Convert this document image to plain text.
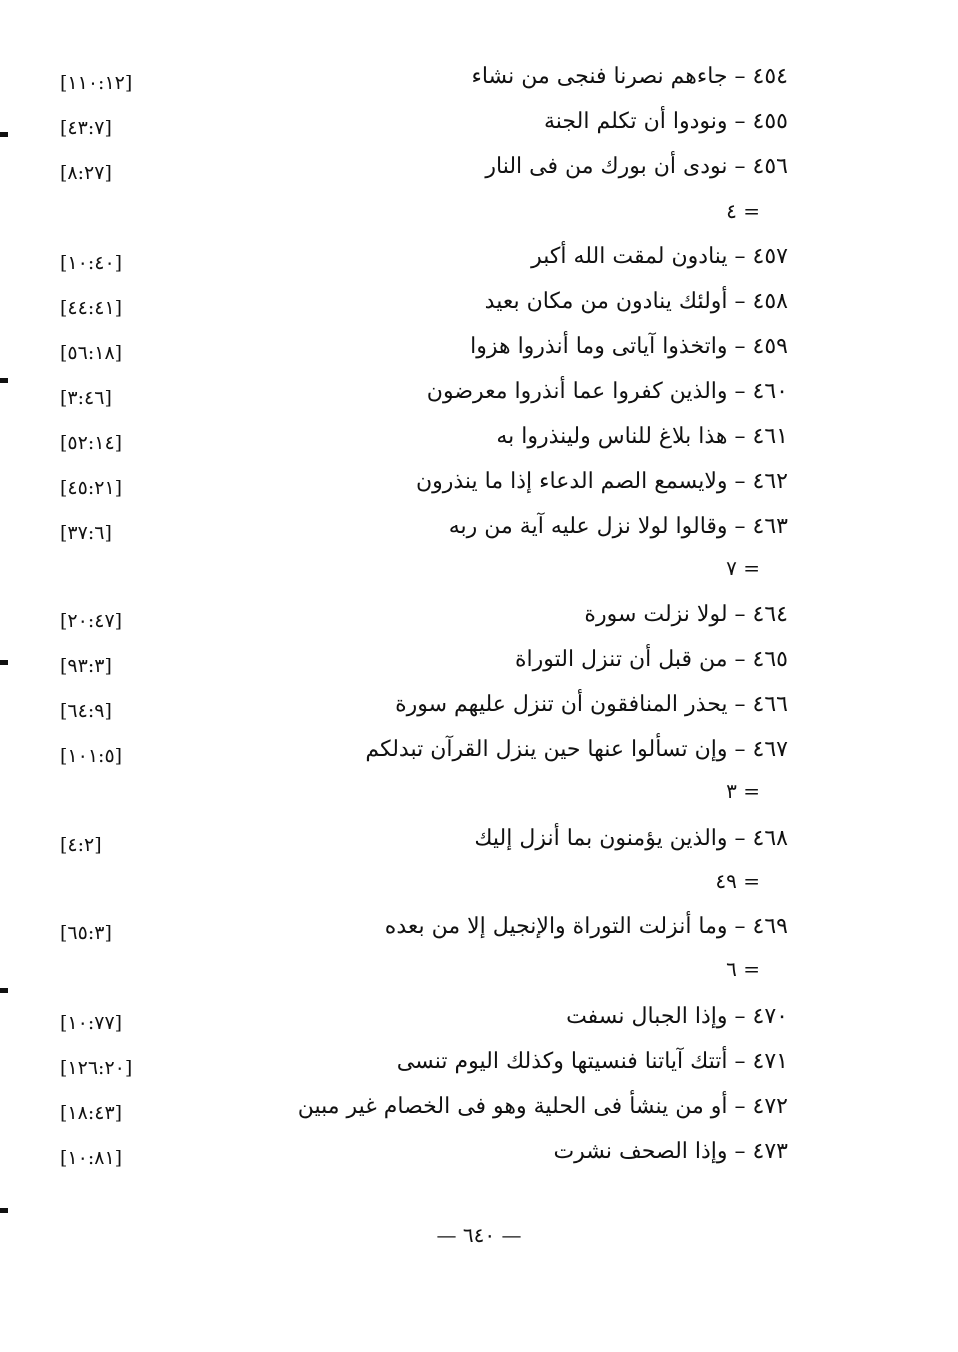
٤٥٤ – جاءهم نصرنا فنجى من نشاء
[١١٠:١٢]
٤٥٥ – ونودوا أن تكلم الجنة
[٤٣:٧]
٤٥٦ – نودى أن بورك من فى النار
[٨:٢٧]
= ٤
٤٥٧ – ينادون لمقت الله أكبر
[١٠:٤٠]
٤٥٨ – أولئك ينادون من مكان بعيد
[٤٤:٤١]
٤٥٩ – واتخذوا آياتى وما أنذروا هزوا
[٥٦:١٨]
٤٦٠ – والذين كفروا عما أنذروا معرضون
[٣:٤٦]
٤٦١ – هذا بلاغ للناس ولينذروا به
[٥٢:١٤]
٤٦٢ – ولايسمع الصم الدعاء إذا ما ينذرون
[٤٥:٢١]
٤٦٣ – وقالوا لولا نزل عليه آية من ربه
[٣٧:٦]
= ٧
٤٦٤ – لولا نزلت سورة
[٢٠:٤٧]
٤٦٥ – من قبل أن تنزل التوراة
[٩٣:٣]
٤٦٦ – يحذر المنافقون أن تنزل عليهم سورة
[٦٤:٩]
٤٦٧ – وإن تسألوا عنها حين ينزل القرآن تبدلكم
[١٠١:٥]
= ٣
٤٦٨ – والذين يؤمنون بما أنزل إليك
[٤:٢]
= ٤٩
٤٦٩ – وما أنزلت التوراة والإنجيل إلا من بعده
[٦٥:٣]
= ٦
٤٧٠ – وإذا الجبال نسفت
[١٠:٧٧]
٤٧١ – أتتك آياتنا فنسيتها وكذلك اليوم تنسى
[١٢٦:٢٠]
٤٧٢ – أو من ينشأ فى الحلية وهو فى الخصام غير مبين
[١٨:٤٣]
٤٧٣ – وإذا الصحف نشرت
[١٠:٨١]
— ٦٤٠ —
